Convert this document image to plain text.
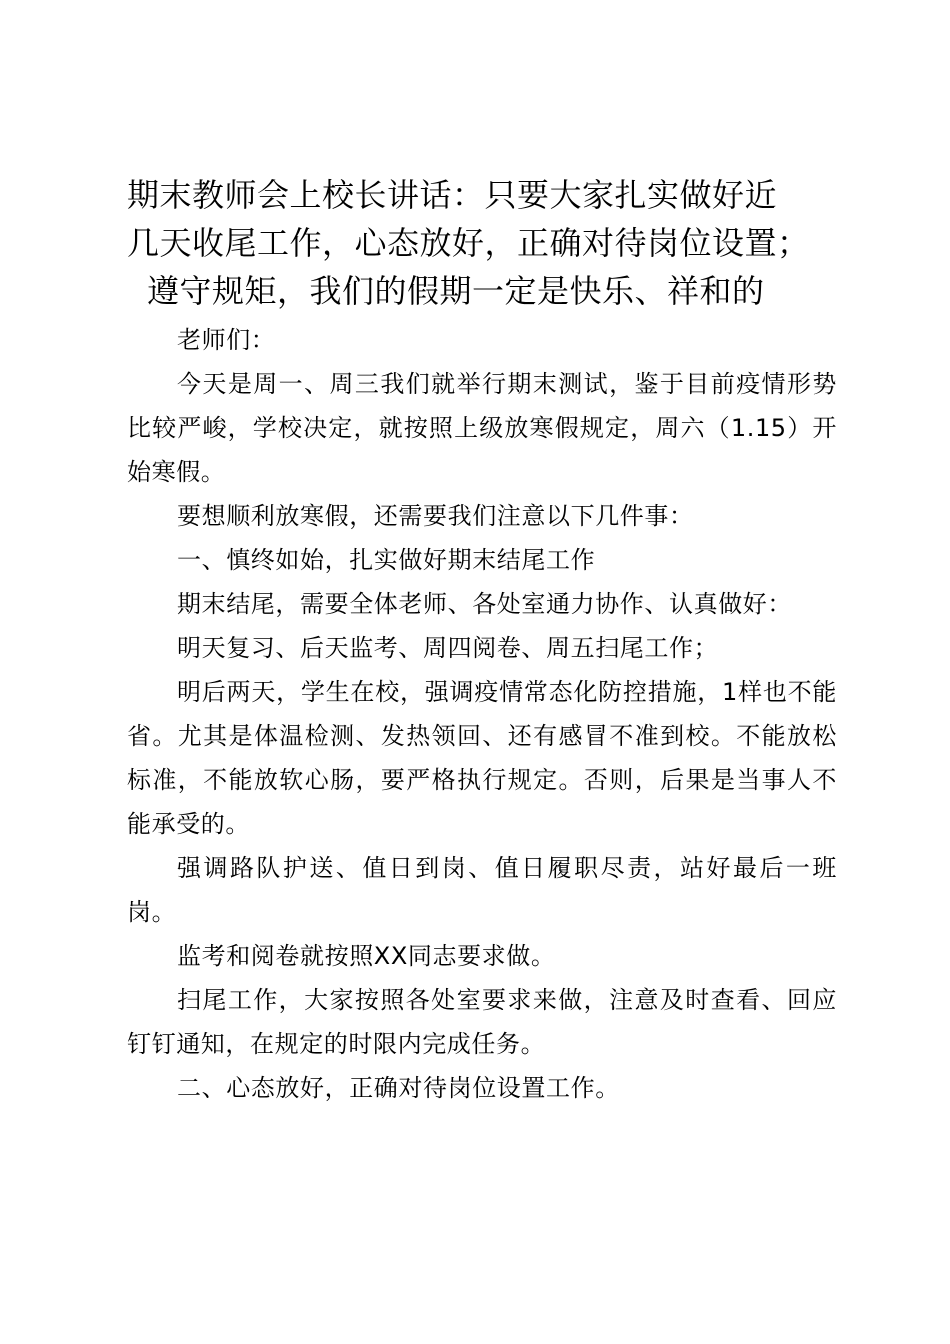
期末教师会上校长讲话：只要大家扎实做好近
几天收尾工作，心态放好，正确对待岗位设置；
遵守规矩，我们的假期一定是快乐、祥和的

老师们：

今天是周一、周三我们就举行期末测试，鉴于目前疫情形势比较严峻，学校决定，就按照上级放寒假规定，周六（1.15）开始寒假。

要想顺利放寒假，还需要我们注意以下几件事：

一、慎终如始，扎实做好期末结尾工作

期末结尾，需要全体老师、各处室通力协作、认真做好：

明天复习、后天监考、周四阅卷、周五扫尾工作；

明后两天，学生在校，强调疫情常态化防控措施，1样也不能省。尤其是体温检测、发热领回、还有感冒不准到校。不能放松标准，不能放软心肠，要严格执行规定。否则，后果是当事人不能承受的。

强调路队护送、值日到岗、值日履职尽责，站好最后一班岗。

监考和阅卷就按照XX同志要求做。

扫尾工作，大家按照各处室要求来做，注意及时查看、回应钉钉通知，在规定的时限内完成任务。

二、心态放好，正确对待岗位设置工作。
